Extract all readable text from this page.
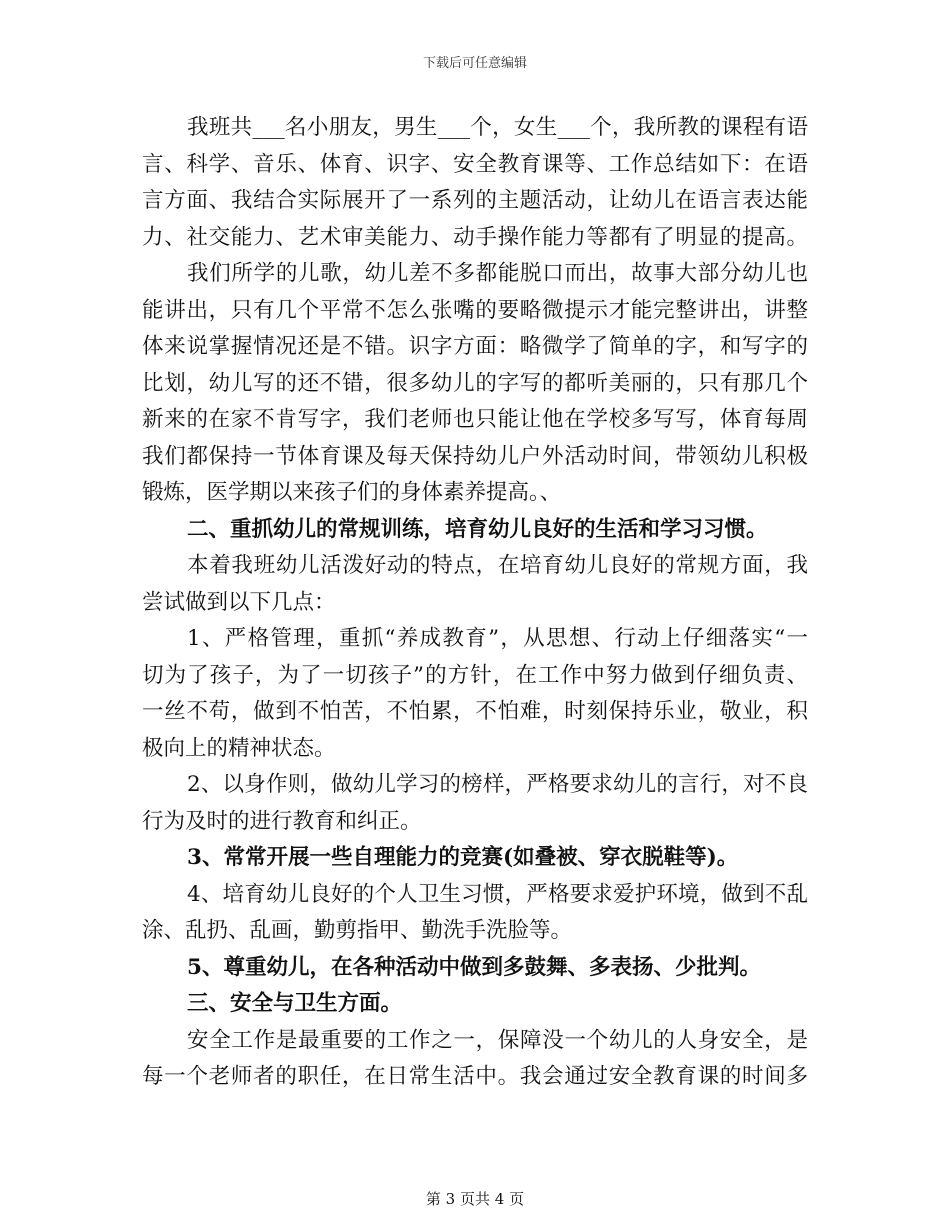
下载后可任意编辑
我班共___名小朋友，男生___个，女生___个，我所教的课程有语
言、科学、音乐、体育、识字、安全教育课等、工作总结如下：在语
言方面、我结合实际展开了一系列的主题活动，让幼儿在语言表达能
力、社交能力、艺术审美能力、动手操作能力等都有了明显的提高。
我们所学的儿歌，幼儿差不多都能脱口而出，故事大部分幼儿也
能讲出，只有几个平常不怎么张嘴的要略微提示才能完整讲出，讲整
体来说掌握情况还是不错。识字方面：略微学了简单的字，和写字的
比划，幼儿写的还不错，很多幼儿的字写的都听美丽的，只有那几个
新来的在家不肯写字，我们老师也只能让他在学校多写写，体育每周
我们都保持一节体育课及每天保持幼儿户外活动时间，带领幼儿积极
锻炼，医学期以来孩子们的身体素养提高。、
二、重抓幼儿的常规训练，培育幼儿良好的生活和学习习惯。
本着我班幼儿活泼好动的特点，在培育幼儿良好的常规方面，我
尝试做到以下几点：
1、严格管理，重抓“养成教育”，从思想、行动上仔细落实“一
切为了孩子，为了一切孩子”的方针，在工作中努力做到仔细负责、
一丝不苟，做到不怕苦，不怕累，不怕难，时刻保持乐业，敬业，积
极向上的精神状态。
2、以身作则，做幼儿学习的榜样，严格要求幼儿的言行，对不良
行为及时的进行教育和纠正。
3、常常开展一些自理能力的竞赛(如叠被、穿衣脱鞋等)。
4、培育幼儿良好的个人卫生习惯，严格要求爱护环境，做到不乱
涂、乱扔、乱画，勤剪指甲、勤洗手洗脸等。
5、尊重幼儿，在各种活动中做到多鼓舞、多表扬、少批判。
三、安全与卫生方面。
安全工作是最重要的工作之一，保障没一个幼儿的人身安全，是
每一个老师者的职任，在日常生活中。我会通过安全教育课的时间多
第 3 页共 4 页
